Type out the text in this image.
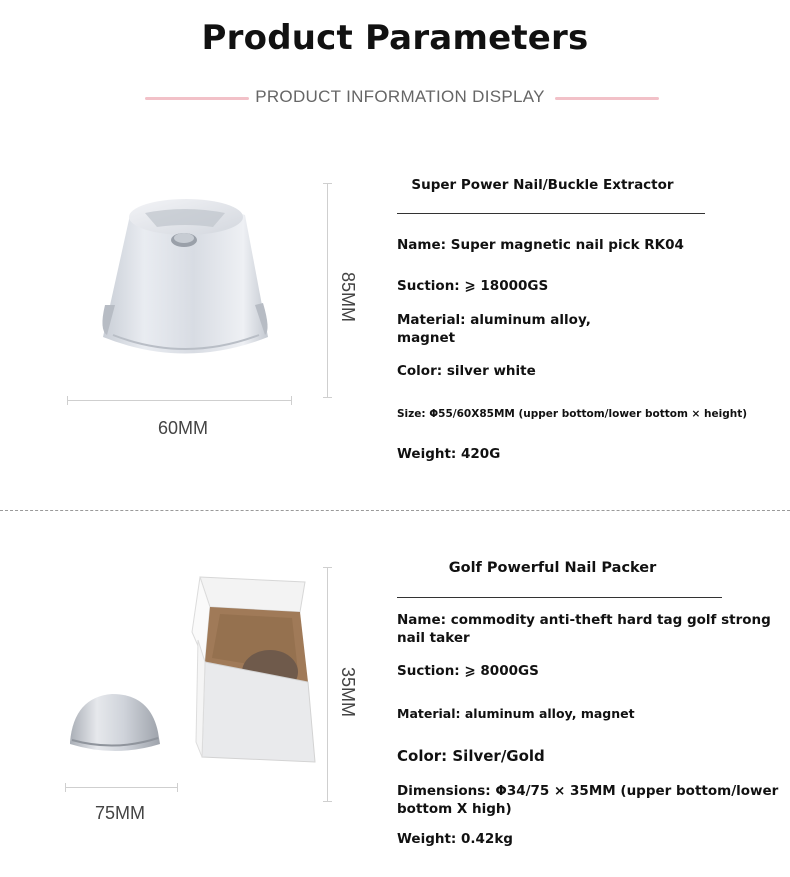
Product Parameters
PRODUCT INFORMATION DISPLAY
85MM
60MM
Super Power Nail/Buckle Extractor
Name: Super magnetic nail pick RK04
Suction: ⩾ 18000GS
Material: aluminum alloy,
magnet
Color: silver white
Size: Φ55/60X85MM (upper bottom/lower bottom × height)
Weight: 420G
35MM
75MM
Golf Powerful Nail Packer
Name: commodity anti-theft hard tag golf strong
nail taker
Suction: ⩾ 8000GS
Material: aluminum alloy, magnet
Color: Silver/Gold
Dimensions: Φ34/75 × 35MM (upper bottom/lower
bottom X high)
Weight: 0.42kg
